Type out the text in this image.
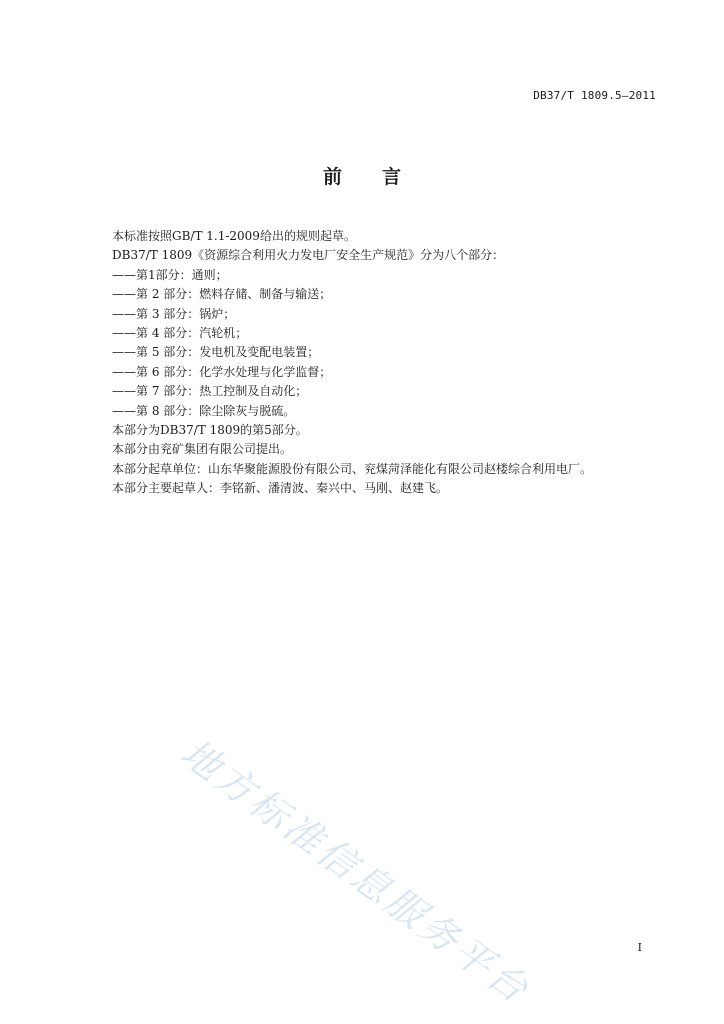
DB37/T 1809.5—2011
前 言
本标准按照GB/T 1.1-2009给出的规则起草。
DB37/T 1809《资源综合利用火力发电厂安全生产规范》分为八个部分：
——第1部分：通则；
——第 2 部分：燃料存储、制备与输送；
——第 3 部分：锅炉；
——第 4 部分：汽轮机；
——第 5 部分：发电机及变配电装置；
——第 6 部分：化学水处理与化学监督；
——第 7 部分：热工控制及自动化；
——第 8 部分：除尘除灰与脱硫。
本部分为DB37/T 1809的第5部分。
本部分由兖矿集团有限公司提出。
本部分起草单位：山东华聚能源股份有限公司、兖煤菏泽能化有限公司赵楼综合利用电厂。
本部分主要起草人：李铭新、潘清波、秦兴中、马刚、赵建飞。
地方标准信息服务平台	I
